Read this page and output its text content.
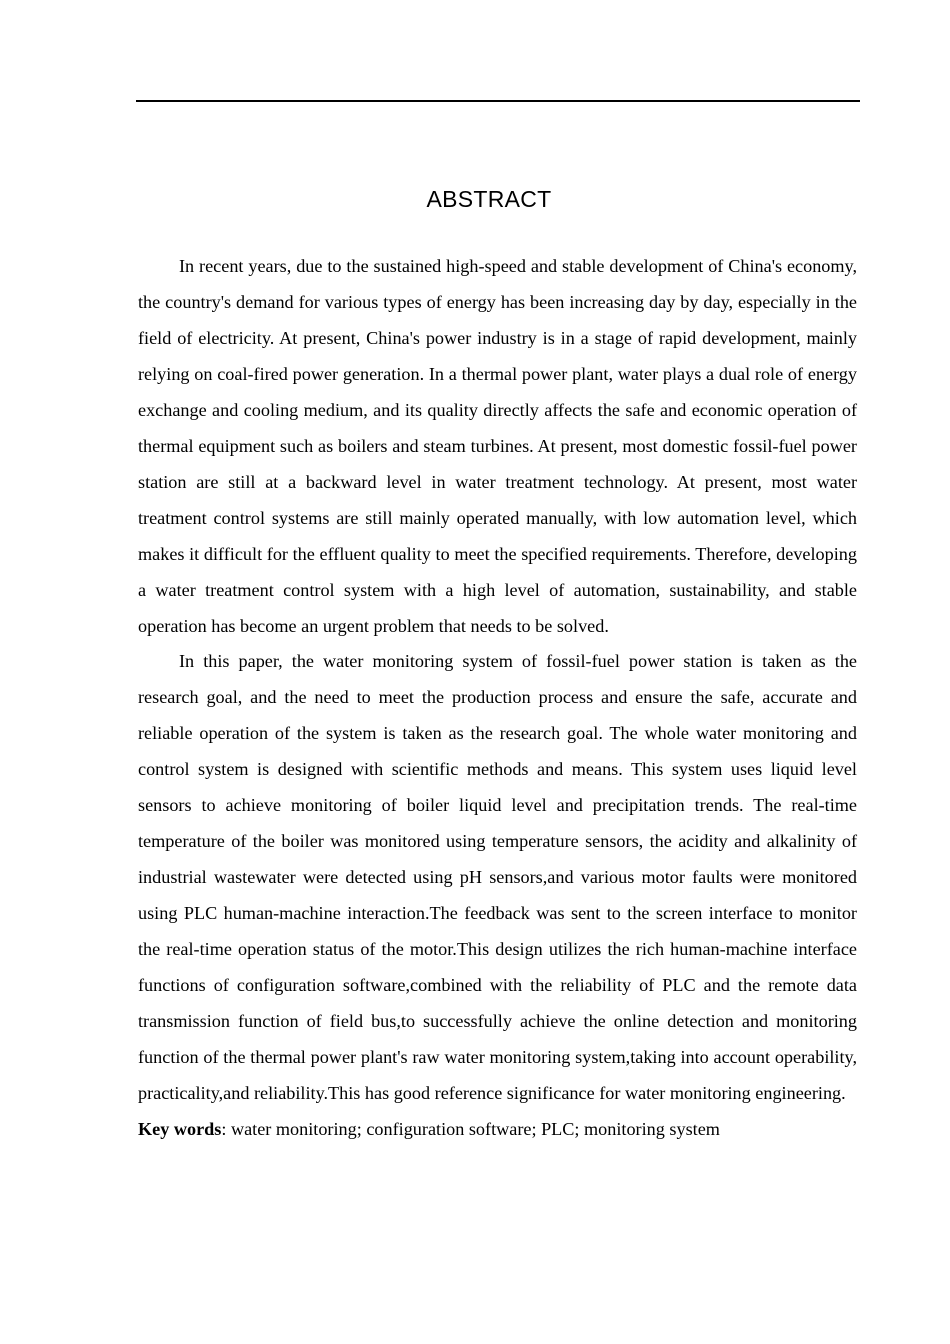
ABSTRACT

In recent years, due to the sustained high-speed and stable development of China's economy, the country's demand for various types of energy has been increasing day by day, especially in the field of electricity. At present, China's power industry is in a stage of rapid development, mainly relying on coal-fired power generation. In a thermal power plant, water plays a dual role of energy exchange and cooling medium, and its quality directly affects the safe and economic operation of thermal equipment such as boilers and steam turbines. At present, most domestic fossil-fuel power station are still at a backward level in water treatment technology. At present, most water treatment control systems are still mainly operated manually, with low automation level, which makes it difficult for the effluent quality to meet the specified requirements. Therefore, developing a water treatment control system with a high level of automation, sustainability, and stable operation has become an urgent problem that needs to be solved.

In this paper, the water monitoring system of fossil-fuel power station is taken as the research goal, and the need to meet the production process and ensure the safe, accurate and reliable operation of the system is taken as the research goal. The whole water monitoring and control system is designed with scientific methods and means. This system uses liquid level sensors to achieve monitoring of boiler liquid level and precipitation trends. The real-time temperature of the boiler was monitored using temperature sensors, the acidity and alkalinity of industrial wastewater were detected using pH sensors,and various motor faults were monitored using PLC human-machine interaction.The feedback was sent to the screen interface to monitor the real-time operation status of the motor.This design utilizes the rich human-machine interface functions of configuration software,combined with the reliability of PLC and the remote data transmission function of field bus,to successfully achieve the online detection and monitoring function of the thermal power plant's raw water monitoring system,taking into account operability, practicality,and reliability.This has good reference significance for water monitoring engineering.

Key words: water monitoring; configuration software; PLC; monitoring system
